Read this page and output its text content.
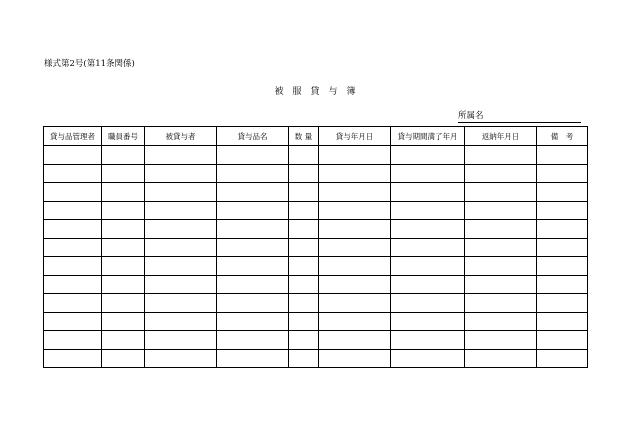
様式第2号(第11条関係)
被 服 貸 与 簿
所属名
貸与品管理者	職員番号	被貸与者	貸与品名	数 量	貸与年月日	貸与期間満了年月	返納年月日	備　考
